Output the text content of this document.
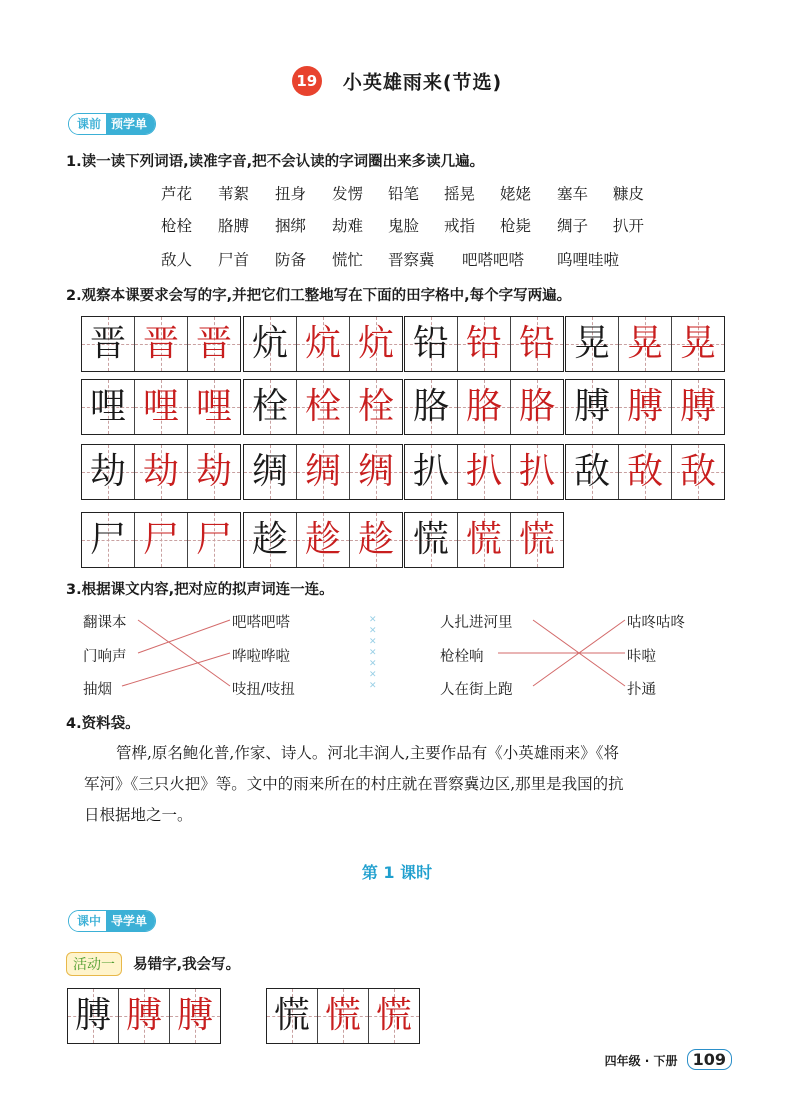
19 小英雄雨来(节选)
课前 预学单
1.读一读下列词语,读准字音,把不会认读的字词圈出来多读几遍。
芦花 苇絮 扭身 发愣 铅笔 摇晃 姥姥 塞车 糠皮
枪栓 胳膊 捆绑 劫难 鬼脸 戒指 枪毙 绸子 扒开
敌人 尸首 防备 慌忙 晋察冀 吧嗒吧嗒 呜哩哇啦
2.观察本课要求会写的字,并把它们工整地写在下面的田字格中,每个字写两遍。
晋 晋 晋 炕 炕 炕 铅 铅 铅 晃 晃 晃
哩 哩 哩 栓 栓 栓 胳 胳 胳 膊 膊 膊
劫 劫 劫 绸 绸 绸 扒 扒 扒 敌 敌 敌
尸 尸 尸 趁 趁 趁 慌 慌 慌
3.根据课文内容,把对应的拟声词连一连。
翻课本
门响声
抽烟
吧嗒吧嗒
哗啦哗啦
吱扭/吱扭
人扎进河里
枪栓响
人在街上跑
咕咚咕咚
咔啦
扑通
✕
✕
✕
✕
✕
✕
✕
4.资料袋。
管桦,原名鲍化普,作家、诗人。河北丰润人,主要作品有《小英雄雨来》《将
军河》《三只火把》等。文中的雨来所在的村庄就在晋察冀边区,那里是我国的抗
日根据地之一。
第 1 课时
课中 导学单
活动一 易错字,我会写。
膊 膊 膊 慌 慌 慌
四年级 · 下册 109
